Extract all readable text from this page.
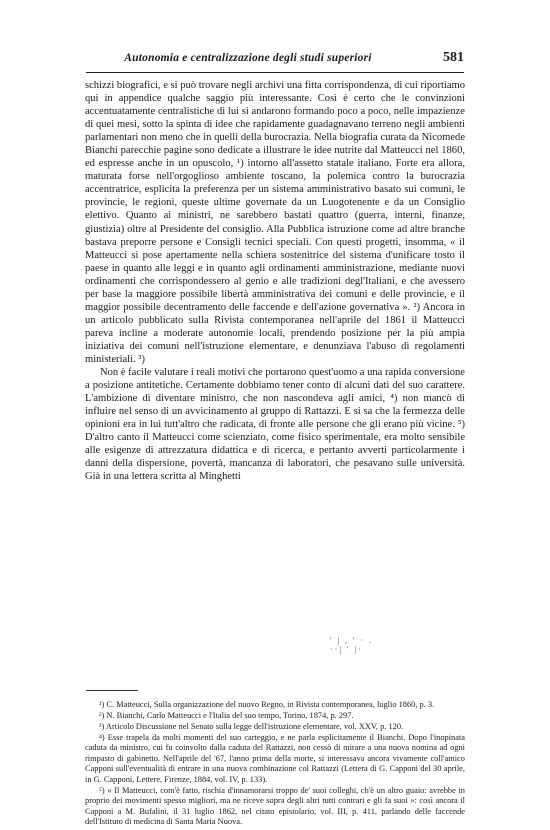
Autonomia e centralizzazione degli studi superiori	581

schizzi biografici, e si può trovare negli archivi una fitta corrispondenza, di cui riportiamo qui in appendice qualche saggio più interessante. Così è certo che le convinzioni accentuatamente centralistiche di lui si andarono formando poco a poco, nelle impazienze di quei mesi, sotto la spinta di idee che rapidamente guadagnavano terreno negli ambienti parlamentari non meno che in quelli della burocrazia. Nella biografia curata da Nicomede Bianchi parecchie pagine sono dedicate a illustrare le idee nutrite dal Matteucci nel 1860, ed espresse anche in un opuscolo, ¹) intorno all'assetto statale italiano. Forte era allora, maturata forse nell'orgoglioso ambiente toscano, la polemica contro la burocrazia accentratrice, esplicita la preferenza per un sistema amministrativo basato sui comuni, le provincie, le regioni, queste ultime governate da un Luogotenente e da un Consiglio elettivo. Quanto ai ministri, ne sarebbero bastati quattro (guerra, interni, finanze, giustizia) oltre al Presidente del consiglio. Alla Pubblica istruzione come ad altre branche bastava preporre persone e Consigli tecnici speciali. Con questi progetti, insomma, « il Matteucci si pose apertamente nella schiera sostenitrice del sistema d'unificare tosto il paese in quanto alle leggi e in quanto agli ordinamenti amministrazione, mediante nuovi ordinamenti che corrispondessero al genio e alle tradizioni degl'Italiani, e che avessero per base la maggiore possibile libertà amministrativa dei comuni e delle provincie, e il maggior possibile decentramento delle faccende e dell'azione governativa ». ²) Ancora in un articolo pubblicato sulla Rivista contemporanea nell'aprile del 1861 il Matteucci pareva incline a moderate autonomie locali, prendendo posizione per la più ampia iniziativa dei comuni nell'istruzione elementare, e denunziava l'abuso di regolamenti ministeriali. ³)

Non è facile valutare i reali motivi che portarono quest'uomo a una rapida conversione a posizione antitetiche. Certamente dobbiamo tener conto di alcuni dati del suo carattere. L'ambizione di diventare ministro, che non nascondeva agli amici, ⁴) non mancò di influire nel senso di un avvicinamento al gruppo di Rattazzi. E si sa che la fermezza delle opinioni era in lui tutt'altro che radicata, di fronte alle persone che gli erano più vicine. ⁵) D'altro canto il Matteucci come scienziato, come fisico sperimentale, era molto sensibile alle esigenze di attrezzatura didattica e di ricerca, e pertanto avverti particolarmente i danni della dispersione, povertà, mancanza di laboratori, che pesavano sulle università. Già in una lettera scritta al Minghetti

' | , ' · . ··| ' |·

¹) C. Matteucci, Sulla organizzazione del nuovo Regno, in Rivista contemporanea, luglio 1860, p. 3.

²) N. Bianchi, Carlo Matteucci e l'Italia del suo tempo, Torino, 1874, p. 297.

³) Articolo Discussione nel Senato sulla legge dell'istruzione elementare, vol. XXV, p. 120.

⁴) Esse trapela da molti momenti del suo carteggio, e ne parla esplicitamente il Bianchi. Dopo l'inopinata caduta da ministro, cui fu coinvolto dalla caduta del Rattazzi, non cessò di mirare a una nuova nomina ad ogni rimpasto di gabinetto. Nell'aprile del '67, l'anno prima della morte, si interessava ancora vivamente coll'amico Capponi sull'eventualità di entrare in una nuova combinazione col Rattazzi (Lettera di G. Capponi del 30 aprile, in G. Capponi, Lettere, Firenze, 1884, vol. IV, p. 133).

⁵) « Il Matteucci, com'è fatto, rischia d'innamorarsi troppo de' suoi colleghi, ch'è un altro guaio: avrebbe in proprio dei movimenti spesso migliori, ma ne riceve sopra degli altri tutti contrari e gli fa suoi »: così ancora il Capponi a M. Bufalini, il 31 luglio 1862, nel citato epistolario, vol. III, p. 411, parlando delle faccende dell'Istituto di medicina di Santa Maria Nuova.
